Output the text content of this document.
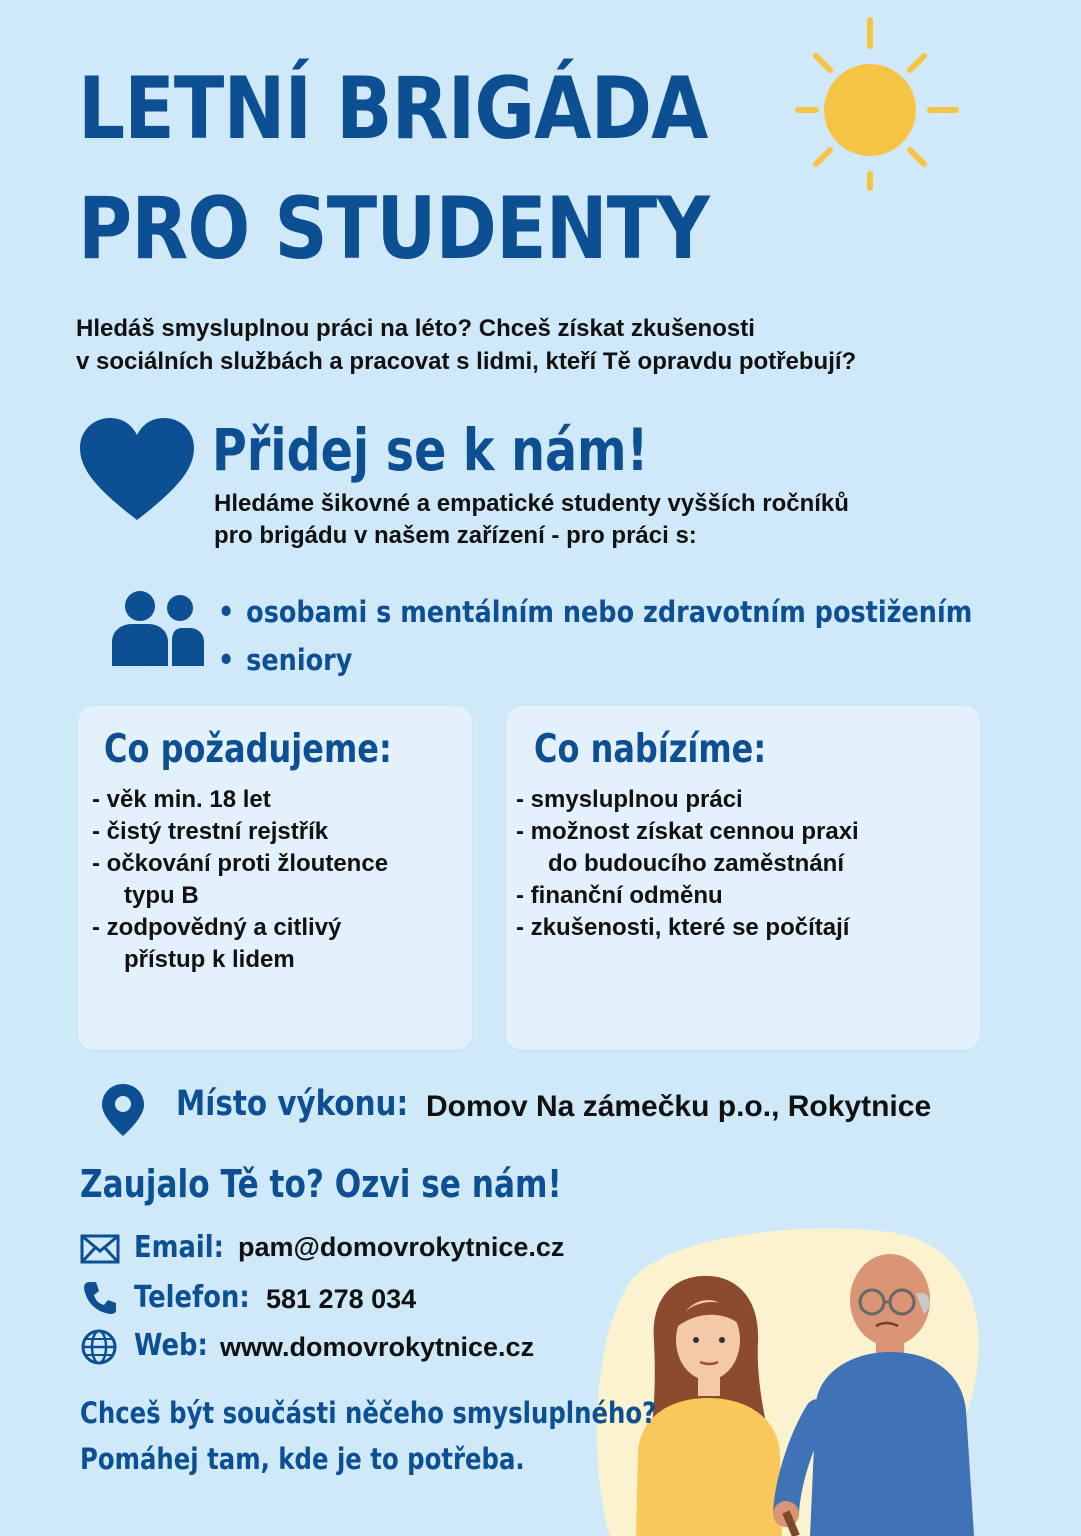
LETNÍ BRIGÁDA
PRO STUDENTY
Hledáš smysluplnou práci na léto? Chceš získat zkušenosti
v sociálních službách a pracovat s lidmi, kteří Tě opravdu potřebují?
Přidej se k nám!
Hledáme šikovné a empatické studenty vyšších ročníků
pro brigádu v našem zařízení - pro práci s:
• osobami s mentálním nebo zdravotním postižením
• seniory
Co požadujeme:
- věk min. 18 let
- čistý trestní rejstřík
- očkování proti žloutence
typu B
- zodpovědný a citlivý
přístup k lidem
Co nabízíme:
- smysluplnou práci
- možnost získat cennou praxi
do budoucího zaměstnání
- finanční odměnu
- zkušenosti, které se počítají
Místo výkonu: Domov Na zámečku p.o., Rokytnice
Zaujalo Tě to? Ozvi se nám!
Email: pam@domovrokytnice.cz
Telefon: 581 278 034
Web: www.domovrokytnice.cz
Chceš být součásti něčeho smysluplného?
Pomáhej tam, kde je to potřeba.
